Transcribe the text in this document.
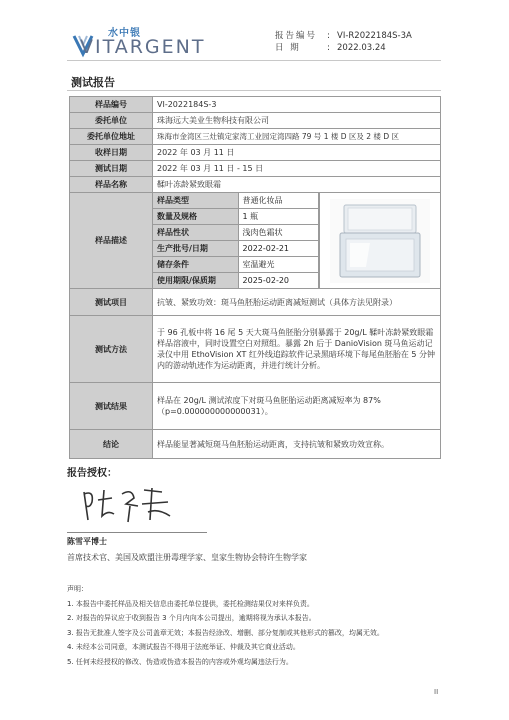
水中银
VITARGENT	报告编号	: VI-R2022184S-3A
日 期	: 2022.03.24
测试报告
样品编号	VI-2022184S-3
委托单位	珠海远大美业生物科技有限公司
委托单位地址	珠海市金湾区三灶镇定家湾工业园定湾四路 79 号 1 楼 D 区及 2 楼 D 区
收样日期	2022 年 03 月 11 日
测试日期	2022 年 03 月 11 日 - 15 日
样品名称	鞣叶冻龄紧致眼霜
样品描述	
样品类型	普通化妆品
数量及规格	1 瓶
样品性状	浅肉色霜状
生产批号/日期	2022-02-21
储存条件	室温避光
使用期限/保质期	2025-02-20

测试项目	抗皱、紧致功效：斑马鱼胚胎运动距离减短测试（具体方法见附录）
测试方法	于 96 孔板中将 16 尾 5 天大斑马鱼胚胎分别暴露于 20g/L 鞣叶冻龄紧致眼霜样品溶液中，同时设置空白对照组。暴露 2h 后于 DanioVision 斑马鱼运动记录仪中用 EthoVision XT 红外线追踪软件记录黑暗环境下每尾鱼胚胎在 5 分钟内的游动轨迹作为运动距离，并进行统计分析。
测试结果	
样品在 20g/L 测试浓度下对斑马鱼胚胎运动距离减短率为 87%
（p=0.000000000000031）。

结论	样品能显著减短斑马鱼胚胎运动距离，支持抗皱和紧致功效宣称。
报告授权：
陈雪平博士
首席技术官、美国及欧盟注册毒理学家、皇家生物协会特许生物学家
声明：
1. 本报告中委托样品及相关信息由委托单位提供，委托检测结果仅对来样负责。
2. 对报告的异议应于收到报告 3 个月内向本公司提出，逾期将视为承认本报告。
3. 报告无批准人签字及公司盖章无效；本报告经涂改、增删、部分复制或其他形式的篡改，均属无效。
4. 未经本公司同意，本测试报告不得用于法庭举证、仲裁及其它商业活动。
5. 任何未经授权的修改、伪造或伪造本报告的内容或外观均属违法行为。
II
